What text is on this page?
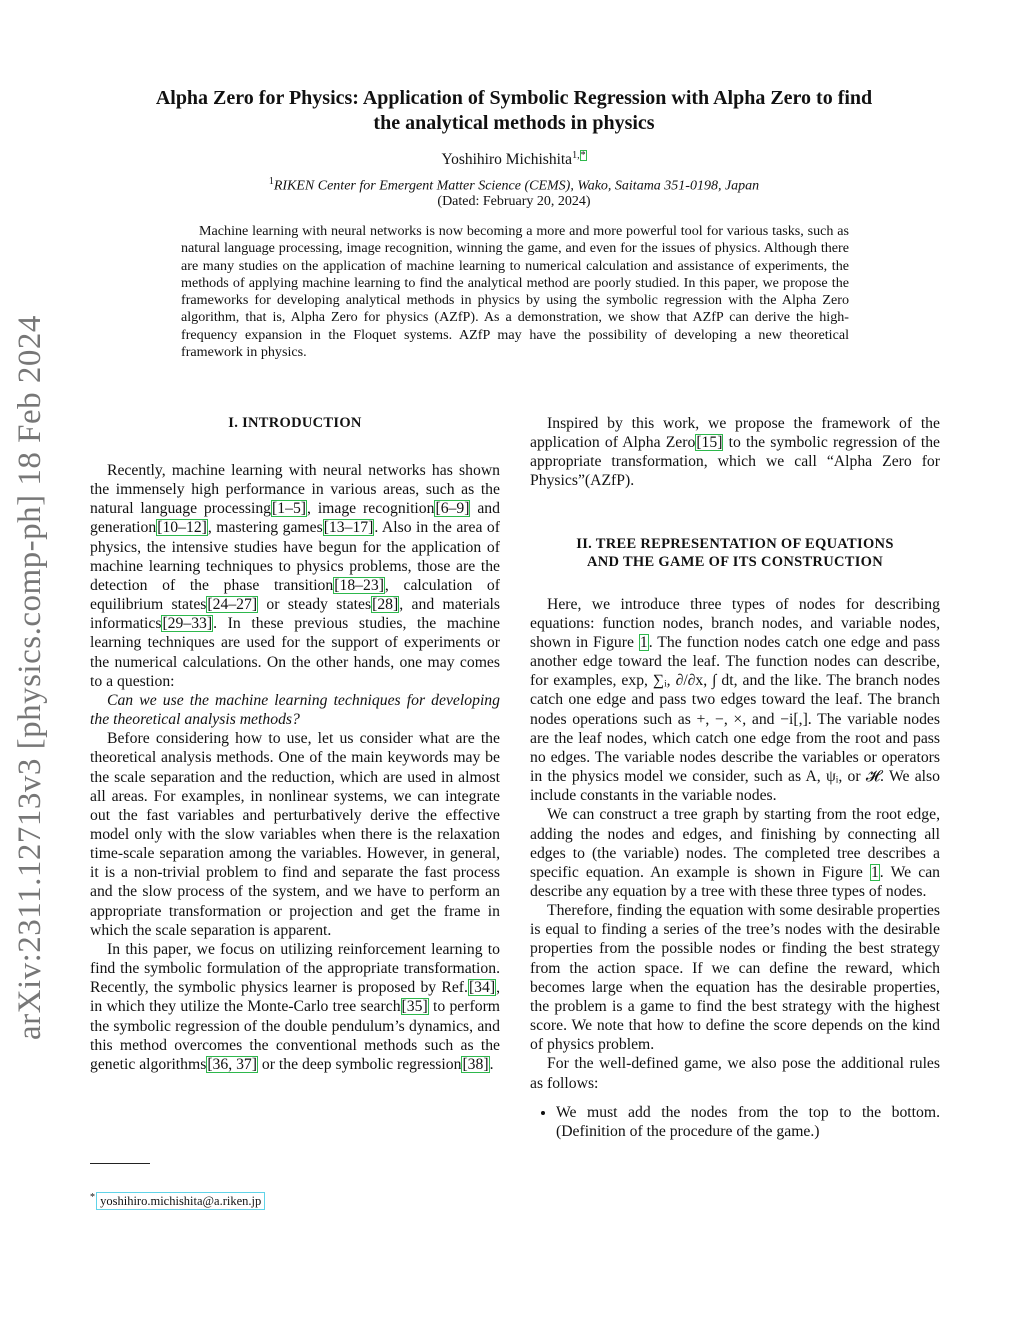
arXiv:2311.12713v3 [physics.comp-ph] 18 Feb 2024
Alpha Zero for Physics: Application of Symbolic Regression with Alpha Zero to find
the analytical methods in physics
Yoshihiro Michishita$^{1,*}$
$^1$RIKEN Center for Emergent Matter Science (CEMS), Wako, Saitama 351-0198, Japan
(Dated: February 20, 2024)
Machine learning with neural networks is now becoming a more and more powerful tool for various tasks, such as natural language processing, image recognition, winning the game, and even for the issues of physics. Although there are many studies on the application of machine learning to numerical calculation and assistance of experiments, the methods of applying machine learning to find the analytical method are poorly studied. In this paper, we propose the frameworks for developing analytical methods in physics by using the symbolic regression with the Alpha Zero algorithm, that is, Alpha Zero for physics (AZfP). As a demonstration, we show that AZfP can derive the high-frequency expansion in the Floquet systems. AZfP may have the possibility of developing a new theoretical framework in physics.
I. INTRODUCTION

Recently, machine learning with neural networks has shown the immensely high performance in various areas, such as the natural language processing[1–5], image recognition[6–9] and generation[10–12], mastering games[13–17]. Also in the area of physics, the intensive studies have begun for the application of machine learning techniques to physics problems, those are the detection of the phase transition[18–23], calculation of equilibrium states[24–27] or steady states[28], and materials informatics[29–33]. In these previous studies, the machine learning techniques are used for the support of experiments or the numerical calculations. On the other hands, one may comes to a question:

Can we use the machine learning techniques for developing the theoretical analysis methods?

Before considering how to use, let us consider what are the theoretical analysis methods. One of the main keywords may be the scale separation and the reduction, which are used in almost all areas. For examples, in nonlinear systems, we can integrate out the fast variables and perturbatively derive the effective model only with the slow variables when there is the relaxation time-scale separation among the variables. However, in general, it is a non-trivial problem to find and separate the fast process and the slow process of the system, and we have to perform an appropriate transformation or projection and get the frame in which the scale separation is apparent.

In this paper, we focus on utilizing reinforcement learning to find the symbolic formulation of the appropriate transformation. Recently, the symbolic physics learner is proposed by Ref.[34], in which they utilize the Monte-Carlo tree search[35] to perform the symbolic regression of the double pendulum’s dynamics, and this method overcomes the conventional methods such as the genetic algorithms[36, 37] or the deep symbolic regression[38].

Inspired by this work, we propose the framework of the application of Alpha Zero[15] to the symbolic regression of the appropriate transformation, which we call “Alpha Zero for Physics”(AZfP).

II. TREE REPRESENTATION OF EQUATIONS
AND THE GAME OF ITS CONSTRUCTION

Here, we introduce three types of nodes for describing equations: function nodes, branch nodes, and variable nodes, shown in Figure 1. The function nodes catch one edge and pass another edge toward the leaf. The function nodes can describe, for examples, exp, ∑ᵢ, ∂/∂x, ∫ dt, and the like. The branch nodes catch one edge and pass two edges toward the leaf. The branch nodes operations such as +, −, ×, and −i[,]. The variable nodes are the leaf nodes, which catch one edge from the root and pass no edges. The variable nodes describe the variables or operators in the physics model we consider, such as A, ψᵢ, or 𝓗. We also include constants in the variable nodes.

We can construct a tree graph by starting from the root edge, adding the nodes and edges, and finishing by connecting all edges to (the variable) nodes. The completed tree describes a specific equation. An example is shown in Figure 1. We can describe any equation by a tree with these three types of nodes.

Therefore, finding the equation with some desirable properties is equal to finding a series of the tree’s nodes with the desirable properties from the possible nodes or finding the best strategy from the action space. If we can define the reward, which becomes large when the equation has the desirable properties, the problem is a game to find the best strategy with the highest score. We note that how to define the score depends on the kind of physics problem.

For the well-defined game, we also pose the additional rules as follows:

• We must add the nodes from the top to the bottom. (Definition of the procedure of the game.)
* yoshihiro.michishita@a.riken.jp
